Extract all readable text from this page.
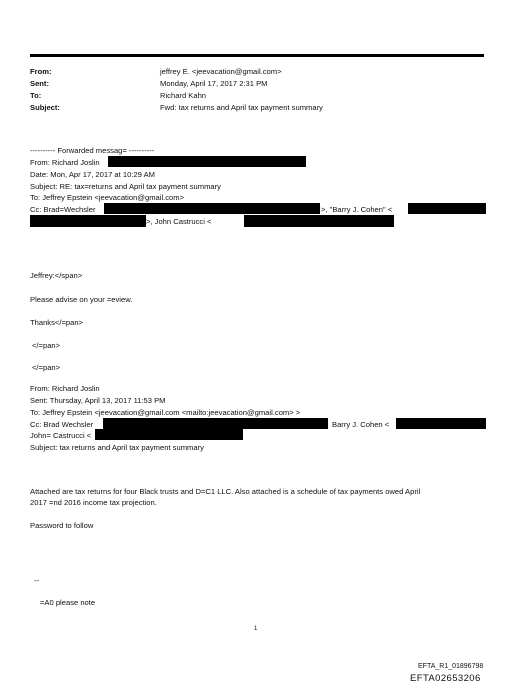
From:
Sent:
To:
Subject:
jeffrey E. <jeevacation@gmail.com>
Monday, April 17, 2017 2:31 PM
Richard Kahn
Fwd: tax returns and April tax payment summary
---------- Forwarded messag= ----------
From: Richard Joslin
Date: Mon, Apr 17, 2017 at 10:29 AM
Subject: RE: tax=returns and April tax payment summary
To: Jeffrey Epstein <jeevacation@gmail.com>
Cc: Brad=Wechsler	>, "Barry J. Cohen" <
>, John Castrucci <
Jeffrey:</span>
Please advise on your =eview.
Thanks</=pan>
</=pan>
</=pan>
From: Richard Joslin
Sent: Thursday, April 13, 2017 11:53 PM
To: Jeffrey Epstein <jeevacation@gmail.com <mailto:jeevacation@gmail.com> >
Cc: Brad Wechsler	Barry J. Cohen <
John= Castrucci <
Subject: tax returns and April tax payment summary
Attached are tax returns for four Black trusts and D=C1 LLC. Also attached is a schedule of tax payments owed April
2017 =nd 2016 income tax projection.
Password to follow
--
=A0 please note
1
EFTA_R1_01896798
EFTA02653206
